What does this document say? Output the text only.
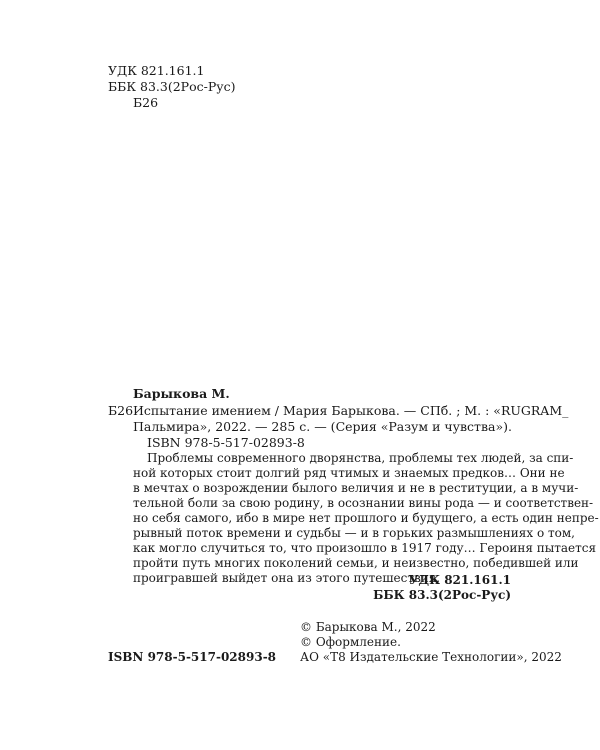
УДК 821.161.1
ББК 83.3(2Рос-Рус)
Б26
Барыкова М.
Б26 Испытание имением / Мария Барыкова. — СПб. ; М. : «RUGRAM_
Пальмира», 2022. — 285 с. — (Серия «Разум и чувства»).
ISBN 978-5-517-02893-8
Проблемы современного дворянства, проблемы тех людей, за спи-
ной которых стоит долгий ряд чтимых и знаемых предков… Они не
в мечтах о возрождении былого величия и не в реституции, а в мучи-
тельной боли за свою родину, в осознании вины рода — и соответствен-
но себя самого, ибо в мире нет прошлого и будущего, а есть один непре-
рывный поток времени и судьбы — и в горьких размышлениях о том,
как могло случиться то, что произошло в 1917 году… Героиня пытается
пройти путь многих поколений семьи, и неизвестно, победившей или
проигравшей выйдет она из этого путешествия.
УДК 821.161.1
ББК 83.3(2Рос-Рус)
© Барыкова М., 2022
© Оформление.
АО «Т8 Издательские Технологии», 2022
ISBN 978-5-517-02893-8
